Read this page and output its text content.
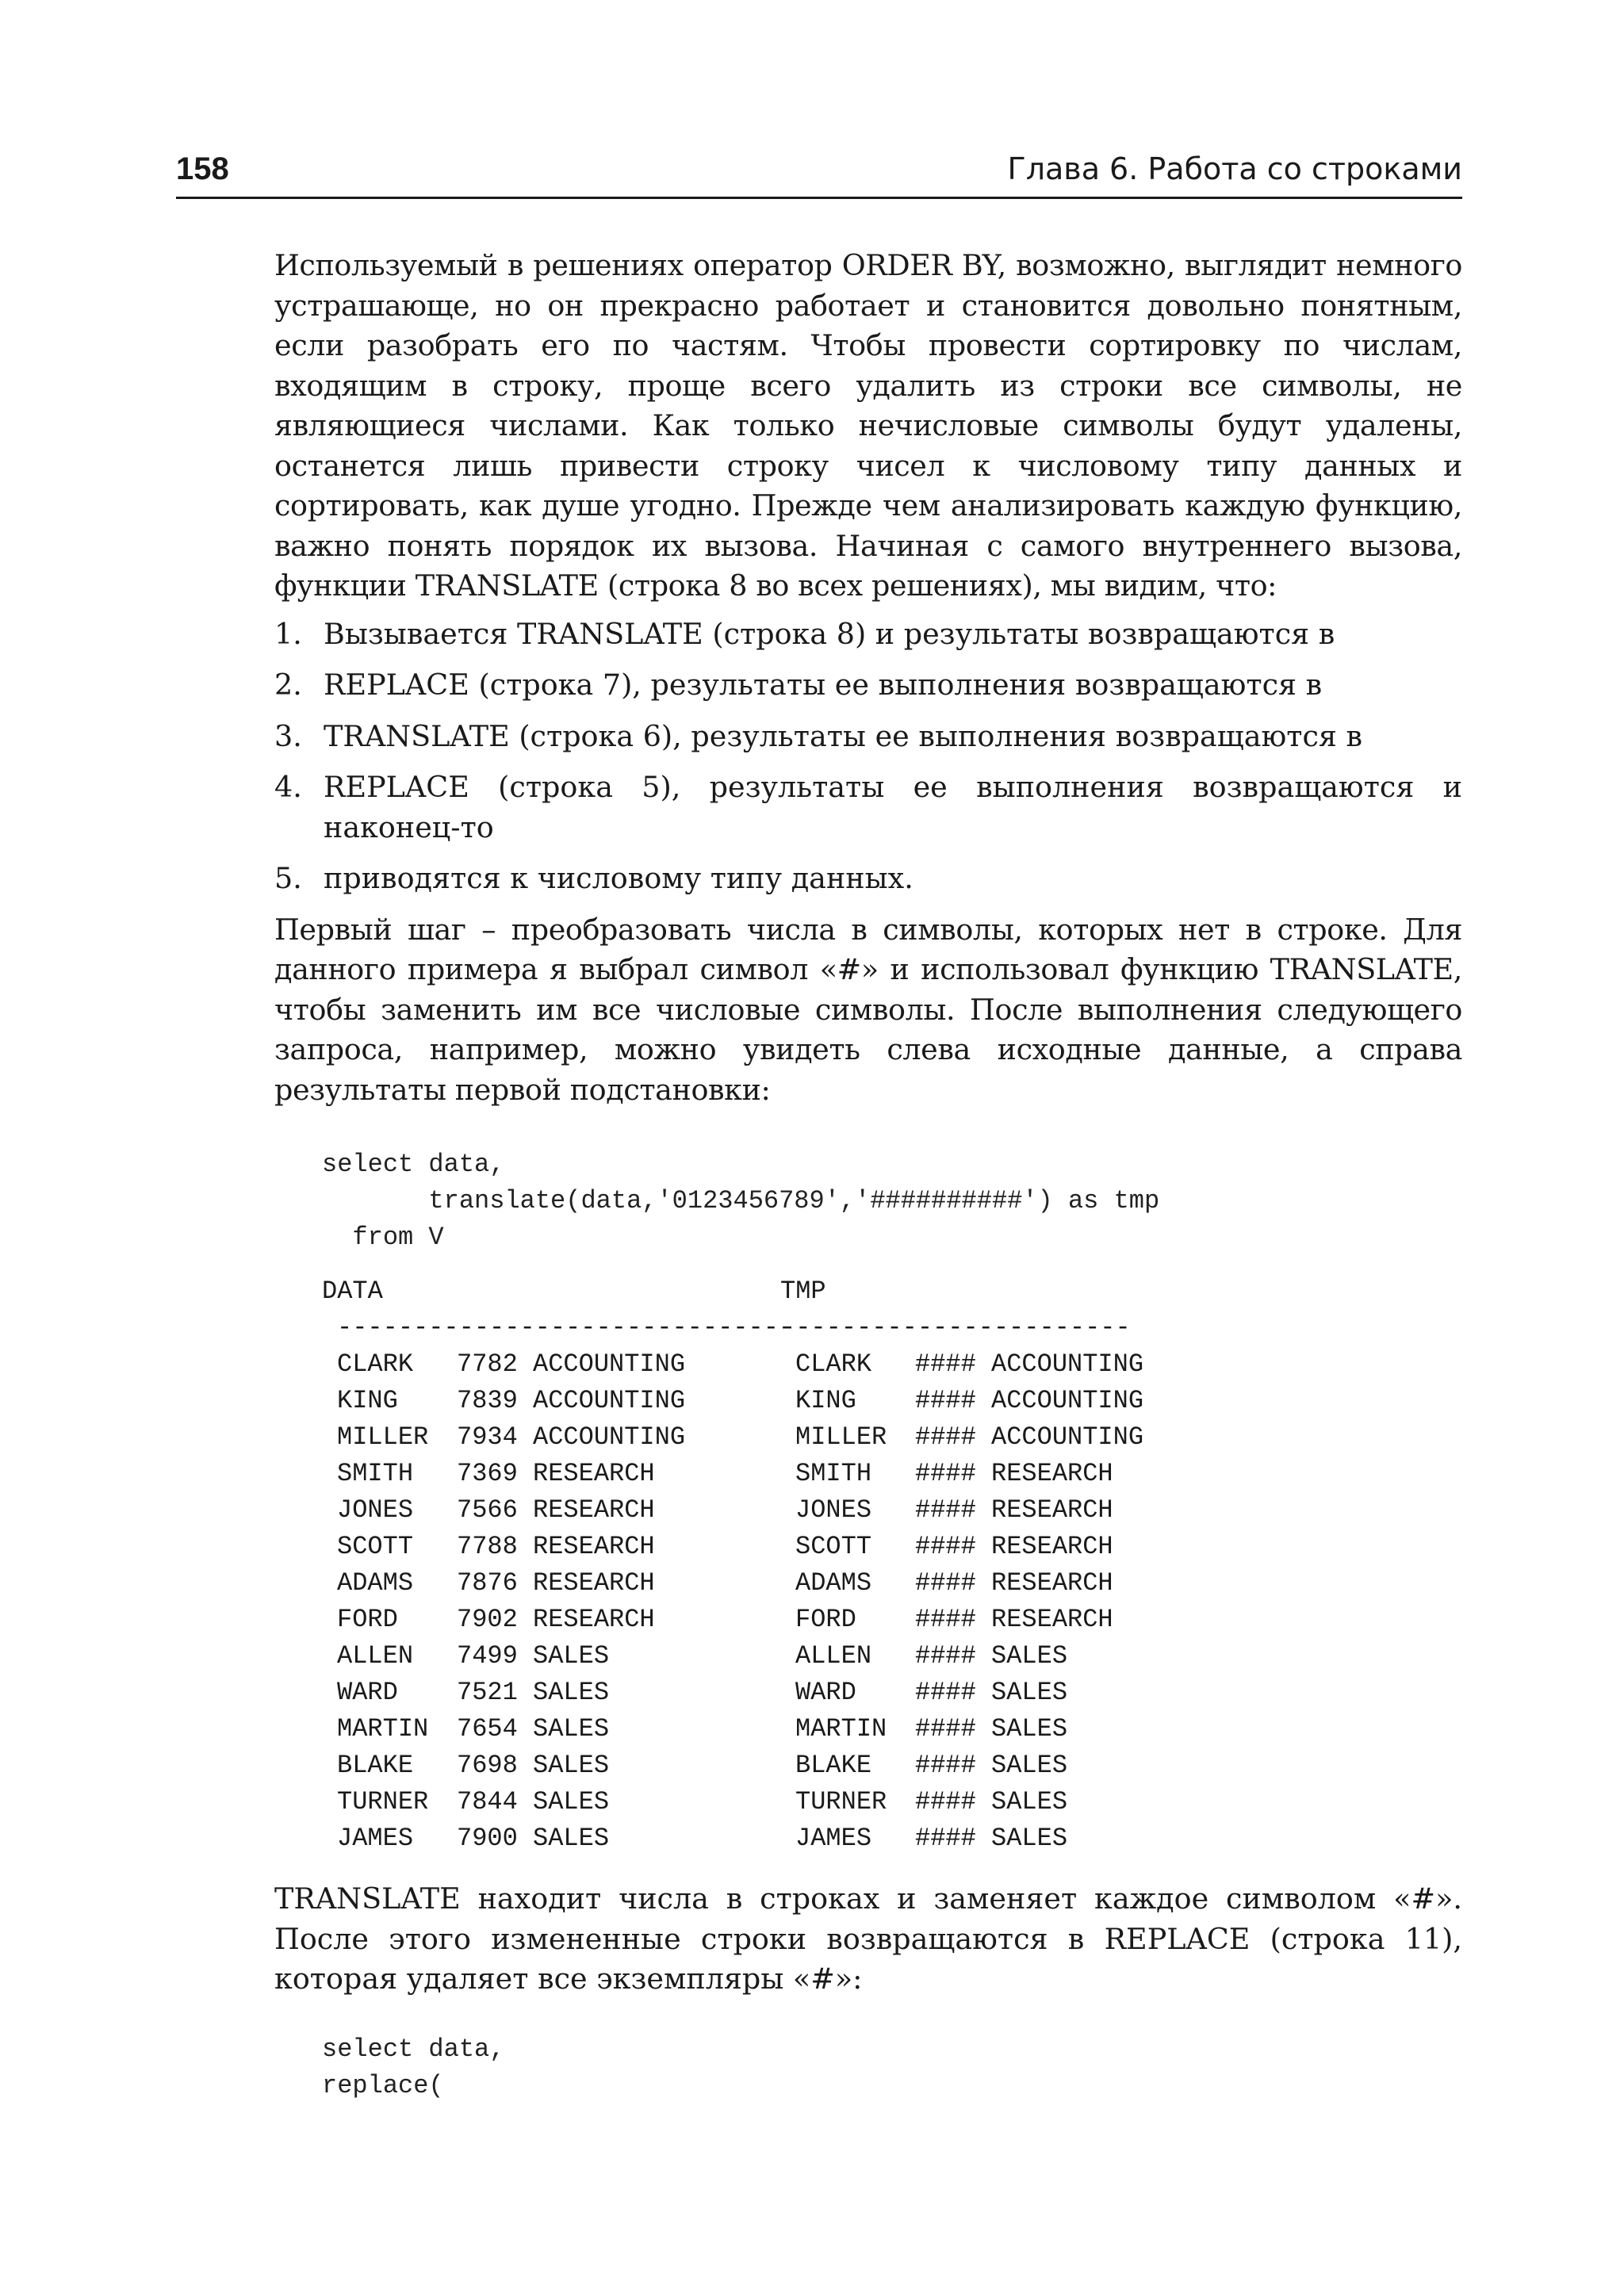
158	Глава 6. Работа со строками

Используемый в решениях оператор ORDER BY, возможно, выглядит немного устрашающе, но он прекрасно работает и становится довольно понятным, если разобрать его по частям. Чтобы провести сортировку по числам, входящим в строку, проще всего удалить из строки все символы, не являющиеся числами. Как только нечисловые символы будут удалены, останется лишь привести строку чисел к числовому типу данных и сортировать, как душе угодно. Прежде чем анализировать каждую функцию, важно понять порядок их вызова. Начиная с самого внутреннего вызова, функции TRANSLATE (строка 8 во всех решениях), мы видим, что:

1. Вызывается TRANSLATE (строка 8) и результаты возвращаются в
2. REPLACE (строка 7), результаты ее выполнения возвращаются в
3. TRANSLATE (строка 6), результаты ее выполнения возвращаются в
4. REPLACE (строка 5), результаты ее выполнения возвращаются и наконец-то
5. приводятся к числовому типу данных.

Первый шаг – преобразовать числа в символы, которых нет в строке. Для данного примера я выбрал символ «#» и использовал функцию TRANSLATE, чтобы заменить им все числовые символы. После выполнения следующего запроса, например, можно увидеть слева исходные данные, а справа результаты первой подстановки:

select data,
translate(data,'0123456789','##########') as tmp
from V
DATA	TMP
------------------------------
-----------------------
CLARK 7782 ACCOUNTING	CLARK #### ACCOUNTING
KING 7839 ACCOUNTING	KING #### ACCOUNTING
MILLER 7934 ACCOUNTING	MILLER #### ACCOUNTING
SMITH 7369 RESEARCH	SMITH #### RESEARCH
JONES 7566 RESEARCH	JONES #### RESEARCH
SCOTT 7788 RESEARCH	SCOTT #### RESEARCH
ADAMS 7876 RESEARCH	ADAMS #### RESEARCH
FORD 7902 RESEARCH	FORD #### RESEARCH
ALLEN 7499 SALES	ALLEN #### SALES
WARD 7521 SALES	WARD #### SALES
MARTIN 7654 SALES	MARTIN #### SALES
BLAKE 7698 SALES	BLAKE #### SALES
TURNER 7844 SALES	TURNER #### SALES
JAMES 7900 SALES	JAMES #### SALES

TRANSLATE находит числа в строках и заменяет каждое символом «#». После этого измененные строки возвращаются в REPLACE (строка 11), которая удаляет все экземпляры «#»:

select data,
replace(
